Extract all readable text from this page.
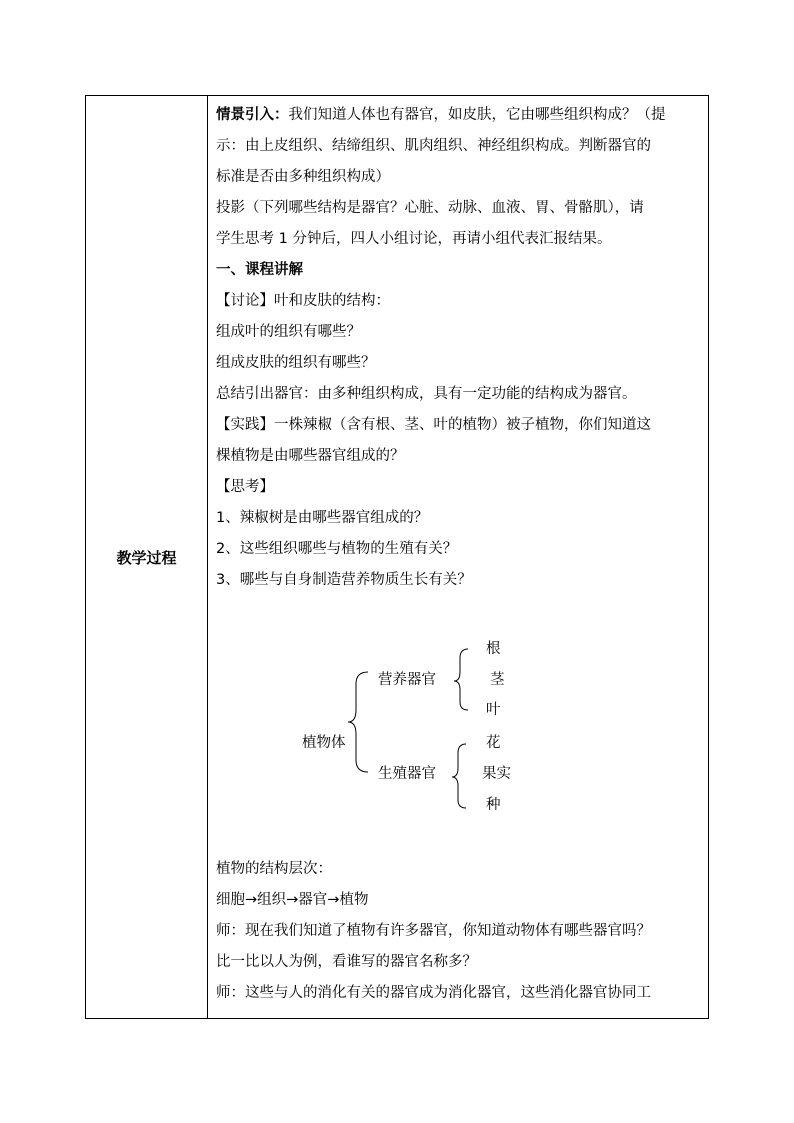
教学过程	

情景引入：我们知道人体也有器官，如皮肤，它由哪些组织构成？（提

示：由上皮组织、结缔组织、肌肉组织、神经组织构成。判断器官的

标准是否由多种组织构成）

投影（下列哪些结构是器官？心脏、动脉、血液、胃、骨骼肌），请

学生思考 1 分钟后，四人小组讨论，再请小组代表汇报结果。

一、课程讲解

【讨论】叶和皮肤的结构：

组成叶的组织有哪些？

组成皮肤的组织有哪些？

总结引出器官：由多种组织构成，具有一定功能的结构成为器官。

【实践】一株辣椒（含有根、茎、叶的植物）被子植物，你们知道这

棵植物是由哪些器官组成的？

【思考】

1、辣椒树是由哪些器官组成的？

2、这些组织哪些与植物的生殖有关？

3、哪些与自身制造营养物质生长有关？

植物体
营养器官
生殖器官
根
茎
叶
花
果实
种

植物的结构层次：

细胞→组织→器官→植物

师：现在我们知道了植物有许多器官，你知道动物体有哪些器官吗？

比一比以人为例，看谁写的器官名称多？

师：这些与人的消化有关的器官成为消化器官，这些消化器官协同工
